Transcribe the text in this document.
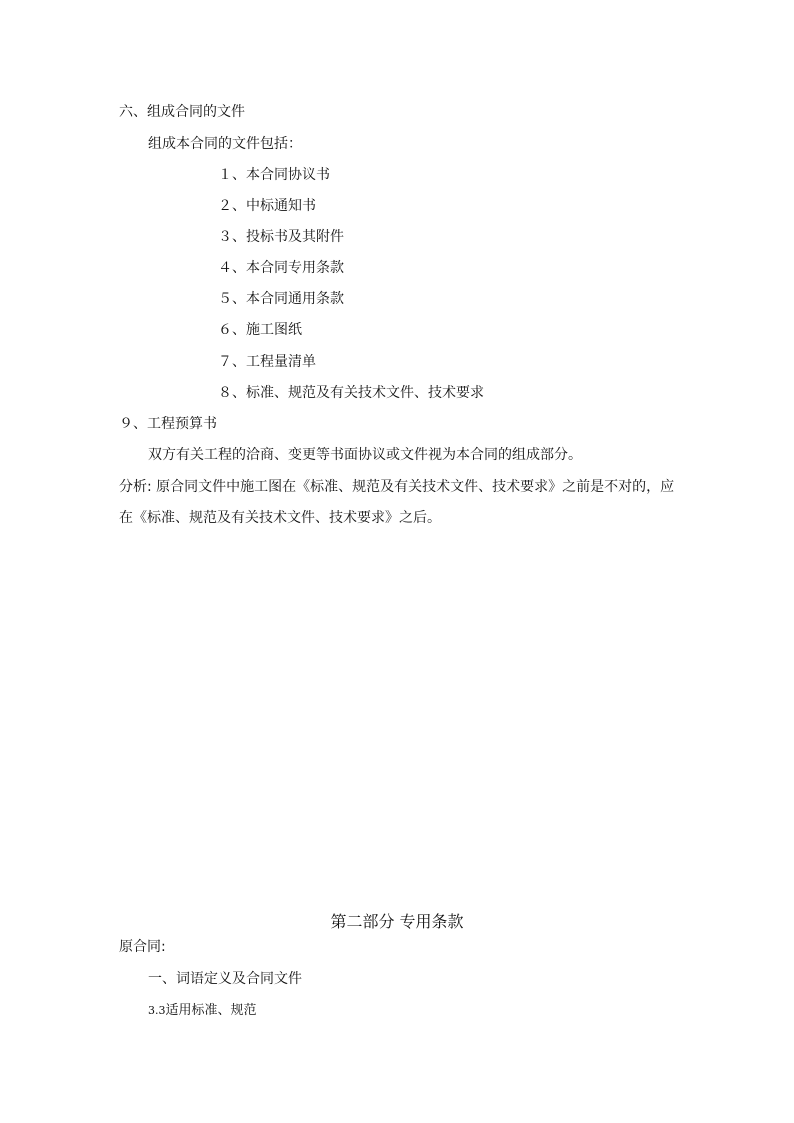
六、组成合同的文件
组成本合同的文件包括：
１、本合同协议书
２、中标通知书
３、投标书及其附件
４、本合同专用条款
５、本合同通用条款
６、施工图纸
７、工程量清单
８、标准、规范及有关技术文件、技术要求
９、工程预算书
双方有关工程的洽商、变更等书面协议或文件视为本合同的组成部分。
分析: 原合同文件中施工图在《标准、规范及有关技术文件、技术要求》之前是不对的，应
在《标准、规范及有关技术文件、技术要求》之后。
第二部分 专用条款
原合同:
一、词语定义及合同文件
3.3适用标准、规范
